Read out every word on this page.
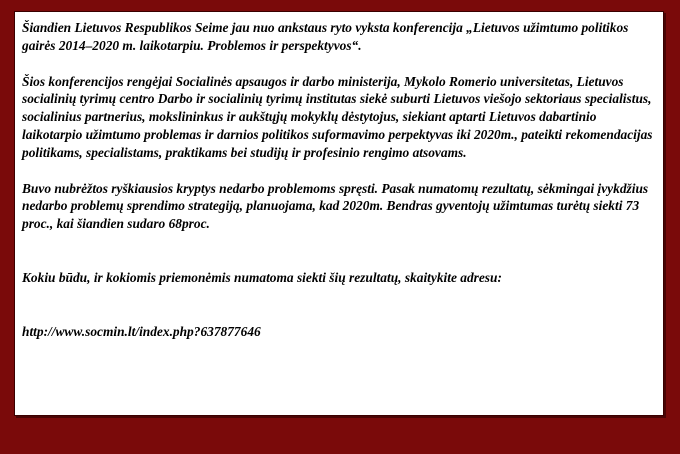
Šiandien Lietuvos Respublikos Seime jau nuo ankstaus ryto vyksta konferencija „Lietuvos užimtumo politikos gairės 2014–2020 m. laikotarpiu. Problemos ir perspektyvos“.

Šios konferencijos rengėjai Socialinės apsaugos ir darbo ministerija, Mykolo Romerio universitetas, Lietuvos socialinių tyrimų centro Darbo ir socialinių tyrimų institutas siekė suburti Lietuvos viešojo sektoriaus specialistus, socialinius partnerius, mokslininkus ir aukštųjų mokyklų dėstytojus, siekiant aptarti Lietuvos dabartinio laikotarpio užimtumo problemas ir darnios politikos suformavimo perpektyvas iki 2020m., pateikti rekomendacijas politikams, specialistams, praktikams bei studijų ir profesinio rengimo atsovams.

Buvo nubrėžtos ryškiausios kryptys nedarbo problemoms spręsti. Pasak numatomų rezultatų, sėkmingai įvykdžius nedarbo problemų sprendimo strategiją, planuojama, kad 2020m. Bendras gyventojų užimtumas turėtų siekti 73 proc., kai šiandien sudaro 68proc.

Kokiu būdu, ir kokiomis priemonėmis numatoma siekti šių rezultatų, skaitykite adresu:

http://www.socmin.lt/index.php?637877646
